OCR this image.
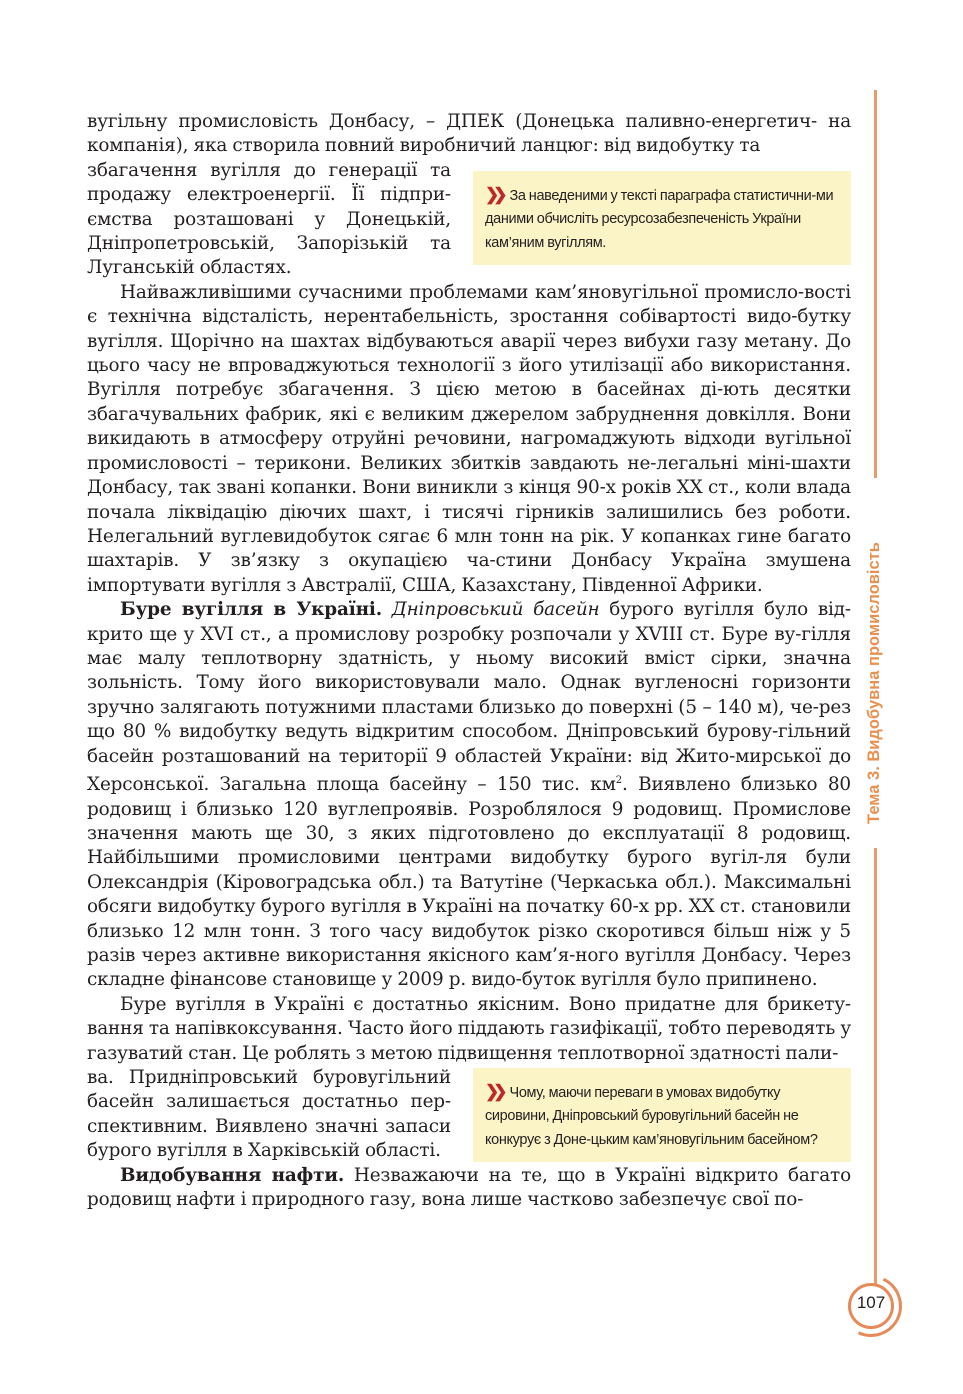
вугільну промисловість Донбасу, – ДПЕК (Донецька паливно-енергетич- на компанія), яка створила повний виробничий ланцюг: від видобутку та

❯❯ За наведеними у тексті параграфа статистични-ми даними обчисліть ресурсозабезпеченість України кам’яним вугіллям.

збагачення вугілля до генерації та продажу електроенергії. Її підпри-ємства розташовані у Донецькій, Дніпропетровській, Запорізькій та Луганській областях.

Найважливішими сучасними проблемами кам’яновугільної промисло-вості є технічна відсталість, нерентабельність, зростання собівартості видо-бутку вугілля. Щорічно на шахтах відбуваються аварії через вибухи газу метану. До цього часу не впроваджуються технології з його утилізації або використання. Вугілля потребує збагачення. З цією метою в басейнах ді-ють десятки збагачувальних фабрик, які є великим джерелом забруднення довкілля. Вони викидають в атмосферу отруйні речовини, нагромаджують відходи вугільної промисловості – терикони. Великих збитків завдають не-легальні міні-шахти Донбасу, так звані копанки. Вони виникли з кінця 90-х років XX ст., коли влада почала ліквідацію діючих шахт, і тисячі гірників залишились без роботи. Нелегальний вуглевидобуток сягає 6 млн тонн на рік. У копанках гине багато шахтарів. У зв’язку з окупацією ча-стини Донбасу Україна змушена імпортувати вугілля з Австралії, США, Казахстану, Південної Африки.

Буре вугілля в Україні. Дніпровський басейн бурого вугілля було від-крито ще у XVI ст., а промислову розробку розпочали у XVIII ст. Буре ву-гілля має малу теплотворну здатність, у ньому високий вміст сірки, значна зольність. Тому його використовували мало. Однак вугленосні горизонти зручно залягають потужними пластами близько до поверхні (5 – 140 м), че-рез що 80 % видобутку ведуть відкритим способом. Дніпровський бурову-гільний басейн розташований на території 9 областей України: від Жито-мирської до Херсонської. Загальна площа басейну – 150 тис. $км^2$. Виявлено близько 80 родовищ і близько 120 вуглепроявів. Розроблялося 9 родовищ. Промислове значення мають ще 30, з яких підготовлено до експлуатації 8 родовищ. Найбільшими промисловими центрами видобутку бурого вугіл-ля були Олександрія (Кіровоградська обл.) та Ватутіне (Черкаська обл.). Максимальні обсяги видобутку бурого вугілля в Україні на початку 60-х рр. XX ст. становили близько 12 млн тонн. З того часу видобуток різко скоротився більш ніж у 5 разів через активне використання якісного кам’я-ного вугілля Донбасу. Через складне фінансове становище у 2009 р. видо-буток вугілля було припинено.

Буре вугілля в Україні є достатньо якісним. Воно придатне для брикету-вання та напівкоксування. Часто його піддають газифікації, тобто переводять у газуватий стан. Це роблять з метою підвищення теплотворної здатності пали-

❯❯ Чому, маючи переваги в умовах видобутку сировини, Дніпровський буровугільний басейн не конкурує з Доне-цьким кам’яновугільним басейном?

ва. Придніпровський буровугільний басейн залишається достатньо пер-спективним. Виявлено значні запаси бурого вугілля в Харківській області.

Видобування нафти. Незважаючи на те, що в Україні відкрито багато родовищ нафти і природного газу, вона лише частково забезпечує свої по-

Тема 3. Видобувна промисловість
107
